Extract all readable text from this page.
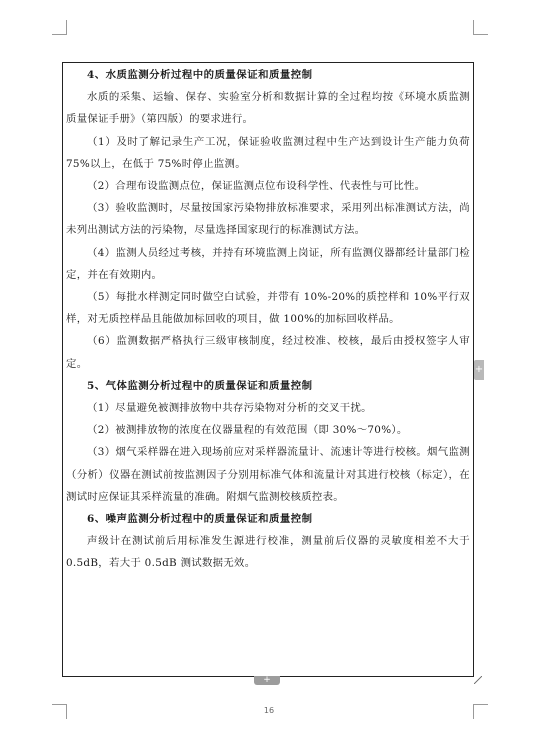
4、水质监测分析过程中的质量保证和质量控制

水质的采集、运输、保存、实验室分析和数据计算的全过程均按《环境水质监测质量保证手册》（第四版）的要求进行。

（1）及时了解记录生产工况，保证验收监测过程中生产达到设计生产能力负荷 75%以上，在低于 75%时停止监测。

（2）合理布设监测点位，保证监测点位布设科学性、代表性与可比性。

（3）验收监测时，尽量按国家污染物排放标准要求，采用列出标准测试方法，尚未列出测试方法的污染物，尽量选择国家现行的标准测试方法。

（4）监测人员经过考核，并持有环境监测上岗证，所有监测仪器都经计量部门检定，并在有效期内。

（5）每批水样测定同时做空白试验，并带有 10%-20%的质控样和 10%平行双样，对无质控样品且能做加标回收的项目，做 100%的加标回收样品。

（6）监测数据严格执行三级审核制度，经过校准、校核，最后由授权签字人审定。

5、气体监测分析过程中的质量保证和质量控制

（1）尽量避免被测排放物中共存污染物对分析的交叉干扰。

（2）被测排放物的浓度在仪器量程的有效范围（即 30%～70%）。

（3）烟气采样器在进入现场前应对采样器流量计、流速计等进行校核。烟气监测（分析）仪器在测试前按监测因子分别用标准气体和流量计对其进行校核（标定），在测试时应保证其采样流量的准确。附烟气监测校核质控表。

6、噪声监测分析过程中的质量保证和质量控制

声级计在测试前后用标准发生源进行校准，测量前后仪器的灵敏度相差不大于 0.5dB，若大于 0.5dB 测试数据无效。

+
+
16
